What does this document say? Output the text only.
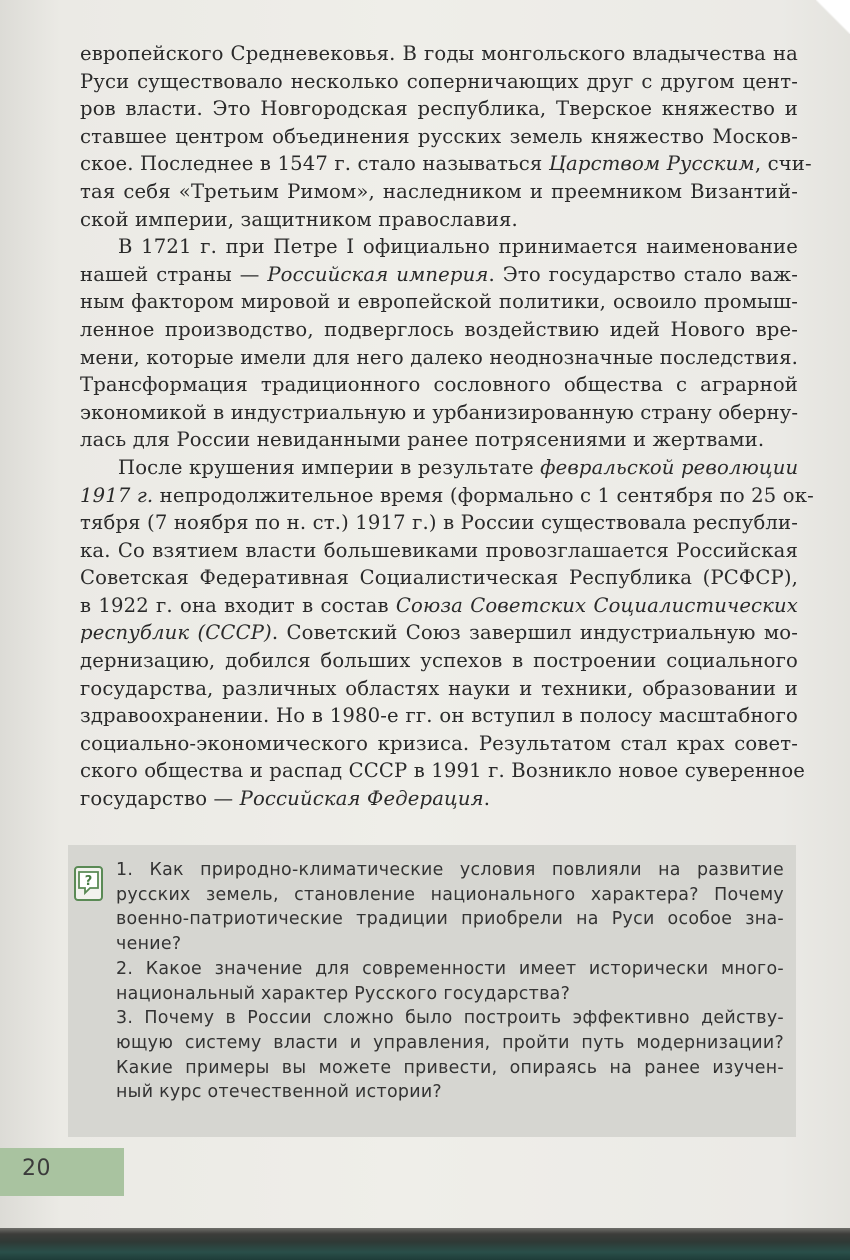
европейского Средневековья. В годы монгольского владычества на
Руси существовало несколько соперничающих друг с другом цент-
ров власти. Это Новгородская республика, Тверское княжество и
ставшее центром объединения русских земель княжество Москов-
ское. Последнее в 1547 г. стало называться Царством Русским, счи-
тая себя «Третьим Римом», наследником и преемником Византий-
ской империи, защитником православия.
В 1721 г. при Петре I официально принимается наименование
нашей страны — Российская империя. Это государство стало важ-
ным фактором мировой и европейской политики, освоило промыш-
ленное производство, подверглось воздействию идей Нового вре-
мени, которые имели для него далеко неоднозначные последствия.
Трансформация традиционного сословного общества с аграрной
экономикой в индустриальную и урбанизированную страну оберну-
лась для России невиданными ранее потрясениями и жертвами.
После крушения империи в результате февральской революции
1917 г. непродолжительное время (формально с 1 сентября по 25 ок-
тября (7 ноября по н. ст.) 1917 г.) в России существовала республи-
ка. Со взятием власти большевиками провозглашается Российская
Советская Федеративная Социалистическая Республика (РСФСР),
в 1922 г. она входит в состав Союза Советских Социалистических
республик (СССР). Советский Союз завершил индустриальную мо-
дернизацию, добился больших успехов в построении социального
государства, различных областях науки и техники, образовании и
здравоохранении. Но в 1980-е гг. он вступил в полосу масштабного
социально-экономического кризиса. Результатом стал крах совет-
ского общества и распад СССР в 1991 г. Возникло новое суверенное
государство — Российская Федерация.
?
1. Как природно-климатические условия повлияли на развитие
русских земель, становление национального характера? Почему
военно-патриотические традиции приобрели на Руси особое зна-
чение?
2. Какое значение для современности имеет исторически много-
национальный характер Русского государства?
3. Почему в России сложно было построить эффективно действу-
ющую систему власти и управления, пройти путь модернизации?
Какие примеры вы можете привести, опираясь на ранее изучен-
ный курс отечественной истории?
20
